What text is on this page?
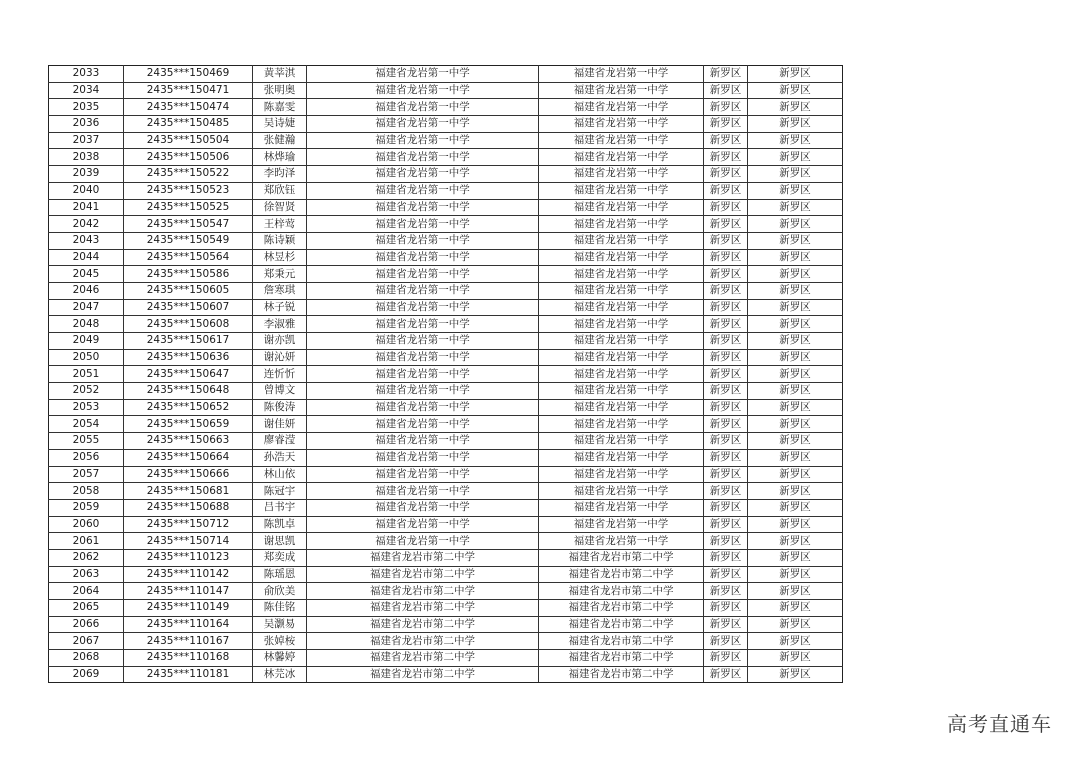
2033	2435***150469	黄莘淇	福建省龙岩第一中学	福建省龙岩第一中学	新罗区	新罗区
2034	2435***150471	张明奥	福建省龙岩第一中学	福建省龙岩第一中学	新罗区	新罗区
2035	2435***150474	陈嘉雯	福建省龙岩第一中学	福建省龙岩第一中学	新罗区	新罗区
2036	2435***150485	吴诗婕	福建省龙岩第一中学	福建省龙岩第一中学	新罗区	新罗区
2037	2435***150504	张健瀚	福建省龙岩第一中学	福建省龙岩第一中学	新罗区	新罗区
2038	2435***150506	林烨瑜	福建省龙岩第一中学	福建省龙岩第一中学	新罗区	新罗区
2039	2435***150522	李昀泽	福建省龙岩第一中学	福建省龙岩第一中学	新罗区	新罗区
2040	2435***150523	郑欣钰	福建省龙岩第一中学	福建省龙岩第一中学	新罗区	新罗区
2041	2435***150525	徐智贤	福建省龙岩第一中学	福建省龙岩第一中学	新罗区	新罗区
2042	2435***150547	王梓莺	福建省龙岩第一中学	福建省龙岩第一中学	新罗区	新罗区
2043	2435***150549	陈诗颖	福建省龙岩第一中学	福建省龙岩第一中学	新罗区	新罗区
2044	2435***150564	林昱杉	福建省龙岩第一中学	福建省龙岩第一中学	新罗区	新罗区
2045	2435***150586	郑秉元	福建省龙岩第一中学	福建省龙岩第一中学	新罗区	新罗区
2046	2435***150605	詹寒琪	福建省龙岩第一中学	福建省龙岩第一中学	新罗区	新罗区
2047	2435***150607	林子锐	福建省龙岩第一中学	福建省龙岩第一中学	新罗区	新罗区
2048	2435***150608	李淑雅	福建省龙岩第一中学	福建省龙岩第一中学	新罗区	新罗区
2049	2435***150617	谢亦凯	福建省龙岩第一中学	福建省龙岩第一中学	新罗区	新罗区
2050	2435***150636	谢沁妍	福建省龙岩第一中学	福建省龙岩第一中学	新罗区	新罗区
2051	2435***150647	连忻忻	福建省龙岩第一中学	福建省龙岩第一中学	新罗区	新罗区
2052	2435***150648	曾博文	福建省龙岩第一中学	福建省龙岩第一中学	新罗区	新罗区
2053	2435***150652	陈俊涛	福建省龙岩第一中学	福建省龙岩第一中学	新罗区	新罗区
2054	2435***150659	谢佳妍	福建省龙岩第一中学	福建省龙岩第一中学	新罗区	新罗区
2055	2435***150663	廖睿滢	福建省龙岩第一中学	福建省龙岩第一中学	新罗区	新罗区
2056	2435***150664	孙浩天	福建省龙岩第一中学	福建省龙岩第一中学	新罗区	新罗区
2057	2435***150666	林山依	福建省龙岩第一中学	福建省龙岩第一中学	新罗区	新罗区
2058	2435***150681	陈冠宇	福建省龙岩第一中学	福建省龙岩第一中学	新罗区	新罗区
2059	2435***150688	吕书宇	福建省龙岩第一中学	福建省龙岩第一中学	新罗区	新罗区
2060	2435***150712	陈凯卓	福建省龙岩第一中学	福建省龙岩第一中学	新罗区	新罗区
2061	2435***150714	谢思凯	福建省龙岩第一中学	福建省龙岩第一中学	新罗区	新罗区
2062	2435***110123	郑奕成	福建省龙岩市第二中学	福建省龙岩市第二中学	新罗区	新罗区
2063	2435***110142	陈瑶恩	福建省龙岩市第二中学	福建省龙岩市第二中学	新罗区	新罗区
2064	2435***110147	俞欣美	福建省龙岩市第二中学	福建省龙岩市第二中学	新罗区	新罗区
2065	2435***110149	陈佳铭	福建省龙岩市第二中学	福建省龙岩市第二中学	新罗区	新罗区
2066	2435***110164	吴灏易	福建省龙岩市第二中学	福建省龙岩市第二中学	新罗区	新罗区
2067	2435***110167	张婥桉	福建省龙岩市第二中学	福建省龙岩市第二中学	新罗区	新罗区
2068	2435***110168	林馨婷	福建省龙岩市第二中学	福建省龙岩市第二中学	新罗区	新罗区
2069	2435***110181	林芫冰	福建省龙岩市第二中学	福建省龙岩市第二中学	新罗区	新罗区
高考直通车
